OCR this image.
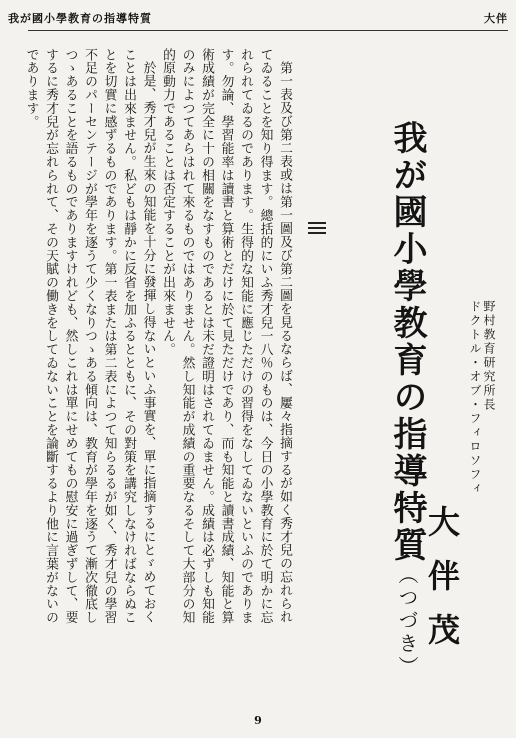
我が國小學教育の指導特質	大伴
我が國小學教育の指導特質（つづき）
野村教育研究所長
ドクトル・オブ・フィロソフィ
大伴茂

第一表及び第二表或は第一圖及び第二圖を見るならば、屢々指摘するが如く秀才兒の忘れられてゐることを知り得ます。總括的にいふ秀才兒一八％のものは、今日の小學教育に於て明かに忘れられてゐるのであります。生得的な知能に應じただけの習得をなしてゐないといふのであります。勿論、學習能率は讀書と算術とだけに於て見ただけであり、而も知能と讀書成績、知能と算術成績が完全に十の相關をなすものであるとは未だ證明はされてゐません。成績は必ずしも知能のみによつてあらはれて來るものではありません。然し知能が成績の重要なるそして大部分の知的原動力であることは否定することが出來ません。

於是、秀才兒が生來の知能を十分に發揮し得ないといふ事實を、單に指摘するにとゞめておくことは出來ません。私どもは靜かに反省を加ふるとともに、その對策を講究しなければならぬことを切實に感ずるものであります。第一表または第二表によつて知らるるが如く、秀才兒の學習不足のパーセンテージが學年を逐うて少くなりつゝある傾向は、教育が學年を逐うて漸次徹底しつゝあることを語るものでありますけれども、然しこれは單にせめてもの慰安に過ぎずして、要するに秀才兒が忘れられて、その天賦の働きをしてゐないことを論斷するより他に言葉がないのであります。

9
